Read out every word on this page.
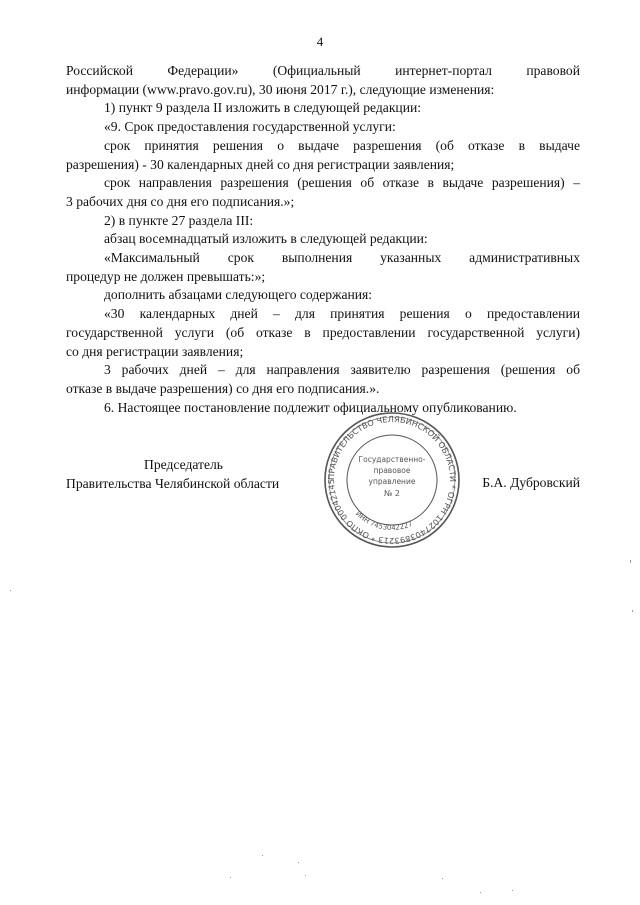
4

Российской Федерации» (Официальный интернет-портал правовой

информации (www.pravo.gov.ru), 30 июня 2017 г.), следующие изменения:

1) пункт 9 раздела II изложить в следующей редакции:

«9. Срок предоставления государственной услуги:

срок принятия решения о выдаче разрешения (об отказе в выдаче

разрешения) - 30 календарных дней со дня регистрации заявления;

срок направления разрешения (решения об отказе в выдаче разрешения) –

3 рабочих дня со дня его подписания.»;

2) в пункте 27 раздела III:

абзац восемнадцатый изложить в следующей редакции:

«Максимальный срок выполнения указанных административных

процедур не должен превышать:»;

дополнить абзацами следующего содержания:

«30 календарных дней – для принятия решения о предоставлении

государственной услуги (об отказе в предоставлении государственной услуги)

со дня регистрации заявления;

3 рабочих дней – для направления заявителю разрешения (решения об

отказе в выдаче разрешения) со дня его подписания.».

6. Настоящее постановление подлежит официальному опубликованию.

Председатель
Правительства Челябинской области	Б.А. Дубровский
ПРАВИТЕЛЬСТВО ЧЕЛЯБИНСКОЙ ОБЛАСТИ * ОГРН 1027403893213 * ОКПО 00042145
Государственно-
правовое
управление
№ 2
ИНН 7453042227
